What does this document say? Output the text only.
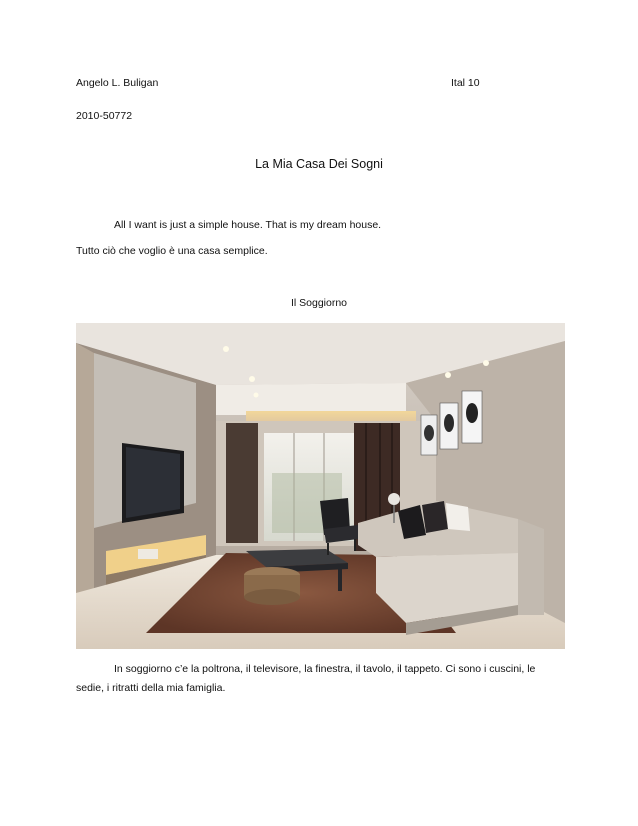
Angelo L. Buligan	Ital 10
2010-50772
La Mia Casa Dei Sogni
All I want is just a simple house. That is my dream house.
Tutto ciò che voglio è una casa semplice.
Il Soggiorno
In soggiorno c’e la poltrona, il televisore, la finestra, il tavolo, il tappeto. Ci sono i cuscini, le
sedie, i ritratti della mia famiglia.
